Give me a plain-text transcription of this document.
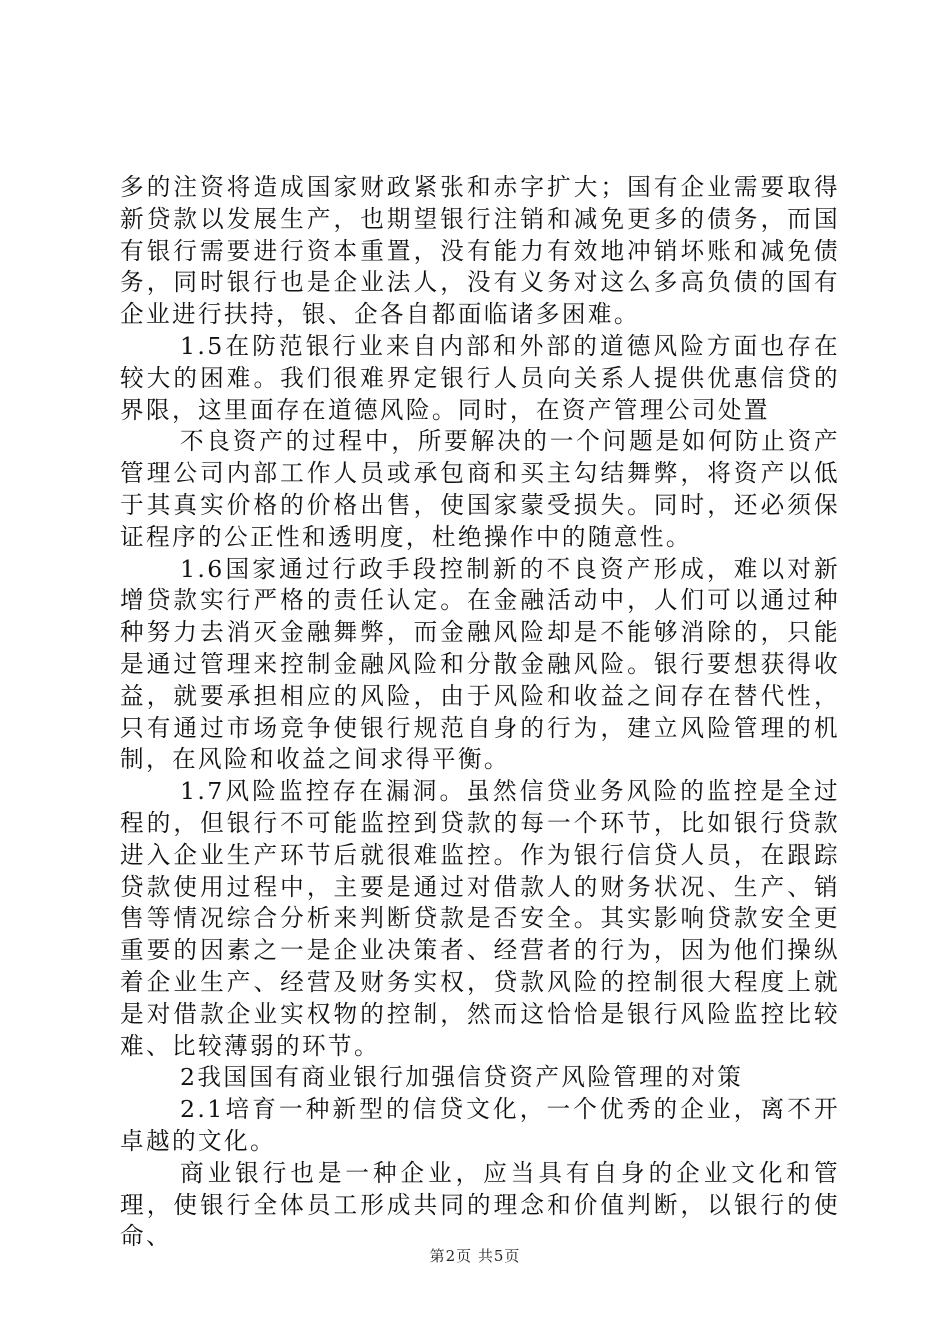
多的注资将造成国家财政紧张和赤字扩大；国有企业需要取得新贷款以发展生产，也期望银行注销和减免更多的债务，而国有银行需要进行资本重置，没有能力有效地冲销坏账和减免债务，同时银行也是企业法人，没有义务对这么多高负债的国有企业进行扶持，银、企各自都面临诸多困难。

1.5在防范银行业来自内部和外部的道德风险方面也存在较大的困难。我们很难界定银行人员向关系人提供优惠信贷的界限，这里面存在道德风险。同时，在资产管理公司处置

不良资产的过程中，所要解决的一个问题是如何防止资产管理公司内部工作人员或承包商和买主勾结舞弊，将资产以低于其真实价格的价格出售，使国家蒙受损失。同时，还必须保证程序的公正性和透明度，杜绝操作中的随意性。

1.6国家通过行政手段控制新的不良资产形成，难以对新增贷款实行严格的责任认定。在金融活动中，人们可以通过种种努力去消灭金融舞弊，而金融风险却是不能够消除的，只能是通过管理来控制金融风险和分散金融风险。银行要想获得收益，就要承担相应的风险，由于风险和收益之间存在替代性，只有通过市场竞争使银行规范自身的行为，建立风险管理的机制，在风险和收益之间求得平衡。

1.7风险监控存在漏洞。虽然信贷业务风险的监控是全过程的，但银行不可能监控到贷款的每一个环节，比如银行贷款进入企业生产环节后就很难监控。作为银行信贷人员，在跟踪贷款使用过程中，主要是通过对借款人的财务状况、生产、销售等情况综合分析来判断贷款是否安全。其实影响贷款安全更重要的因素之一是企业决策者、经营者的行为，因为他们操纵着企业生产、经营及财务实权，贷款风险的控制很大程度上就是对借款企业实权物的控制，然而这恰恰是银行风险监控比较难、比较薄弱的环节。

2我国国有商业银行加强信贷资产风险管理的对策

2.1培育一种新型的信贷文化，一个优秀的企业，离不开卓越的文化。

商业银行也是一种企业，应当具有自身的企业文化和管理，使银行全体员工形成共同的理念和价值判断，以银行的使命、

第2页 共5页
